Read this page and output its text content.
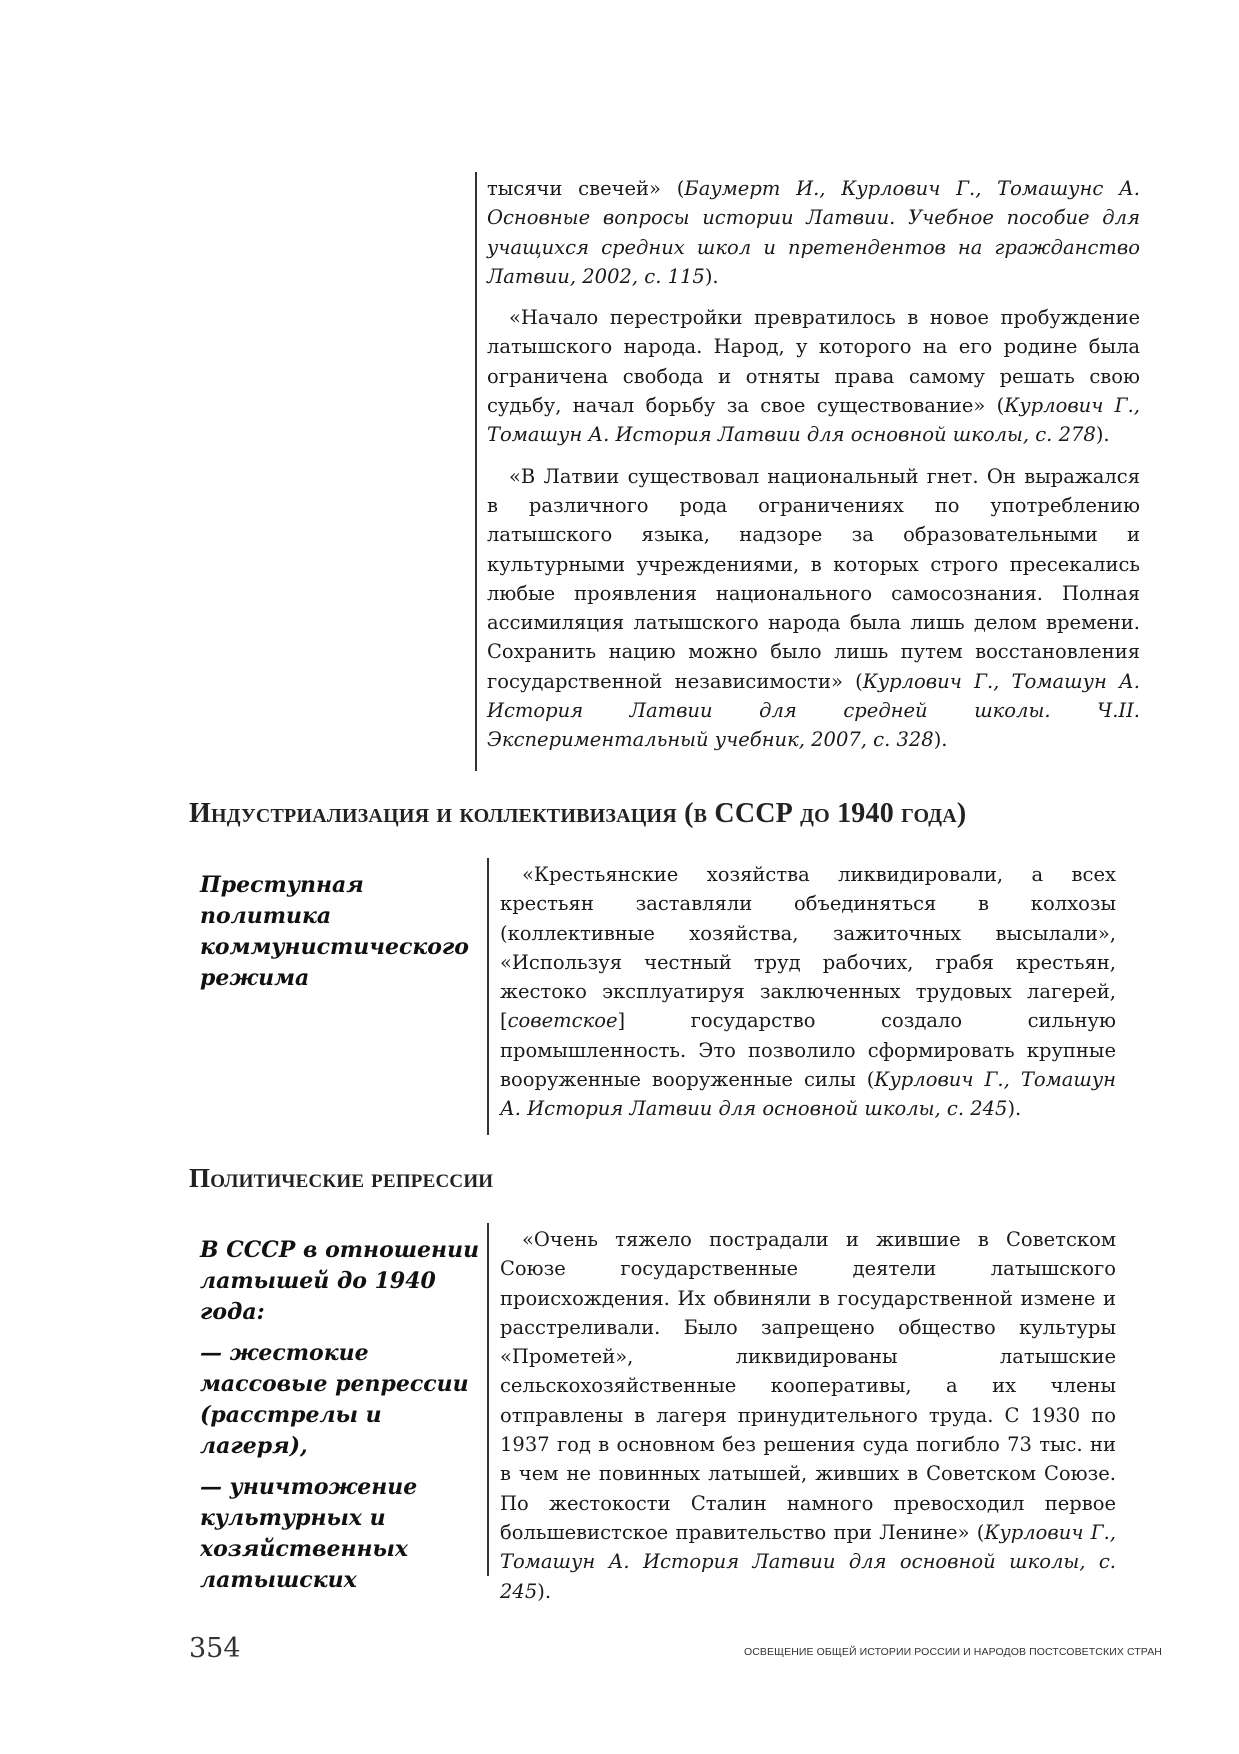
тысячи свечей» (Баумерт И., Курлович Г., Томашунс А. Основные вопросы истории Латвии. Учебное пособие для учащихся средних школ и претендентов на гражданство Латвии, 2002, с. 115).

«Начало перестройки превратилось в новое пробуждение латышского народа. Народ, у которого на его родине была ограничена свобода и отняты права самому решать свою судьбу, начал борьбу за свое существование» (Курлович Г., Томашун А. История Латвии для основной школы, с. 278).

«В Латвии существовал национальный гнет. Он выражался в различного рода ограничениях по употреблению латышского языка, надзоре за образовательными и культурными учреждениями, в которых строго пресекались любые проявления национального самосознания. Полная ассимиляция латышского народа была лишь делом времени. Сохранить нацию можно было лишь путем восстановления государственной независимости» (Курлович Г., Томашун А. История Латвии для средней школы. Ч.II. Экспериментальный учебник, 2007, с. 328).

Индустриализация и коллективизация (в СССР до 1940 года)

Преступная политика коммунистического режима

«Крестьянские хозяйства ликвидировали, а всех крестьян заставляли объединяться в колхозы (коллективные хозяйства, зажиточных высылали», «Используя честный труд рабочих, грабя крестьян, жестоко эксплуатируя заключенных трудовых лагерей, [советское] государство создало сильную промышленность. Это позволило сформировать крупные вооруженные вооруженные силы (Курлович Г., Томашун А. История Латвии для основной школы, с. 245).

Политические репрессии

В СССР в отношении латышей до 1940 года:

— жестокие массовые репрессии (расстрелы и лагеря),

— уничтожение культурных и хозяйственных латышских

«Очень тяжело пострадали и жившие в Советском Союзе государственные деятели латышского происхождения. Их обвиняли в государственной измене и расстреливали. Было запрещено общество культуры «Прометей», ликвидированы латышские сельскохозяйственные кооперативы, а их члены отправлены в лагеря принудительного труда. С 1930 по 1937 год в основном без решения суда погибло 73 тыс. ни в чем не повинных латышей, живших в Советском Союзе. По жестокости Сталин намного превосходил первое большевистское правительство при Ленине» (Курлович Г., Томашун А. История Латвии для основной школы, с. 245).

354	ОСВЕЩЕНИЕ ОБЩЕЙ ИСТОРИИ РОССИИ И НАРОДОВ ПОСТСОВЕТСКИХ СТРАН
